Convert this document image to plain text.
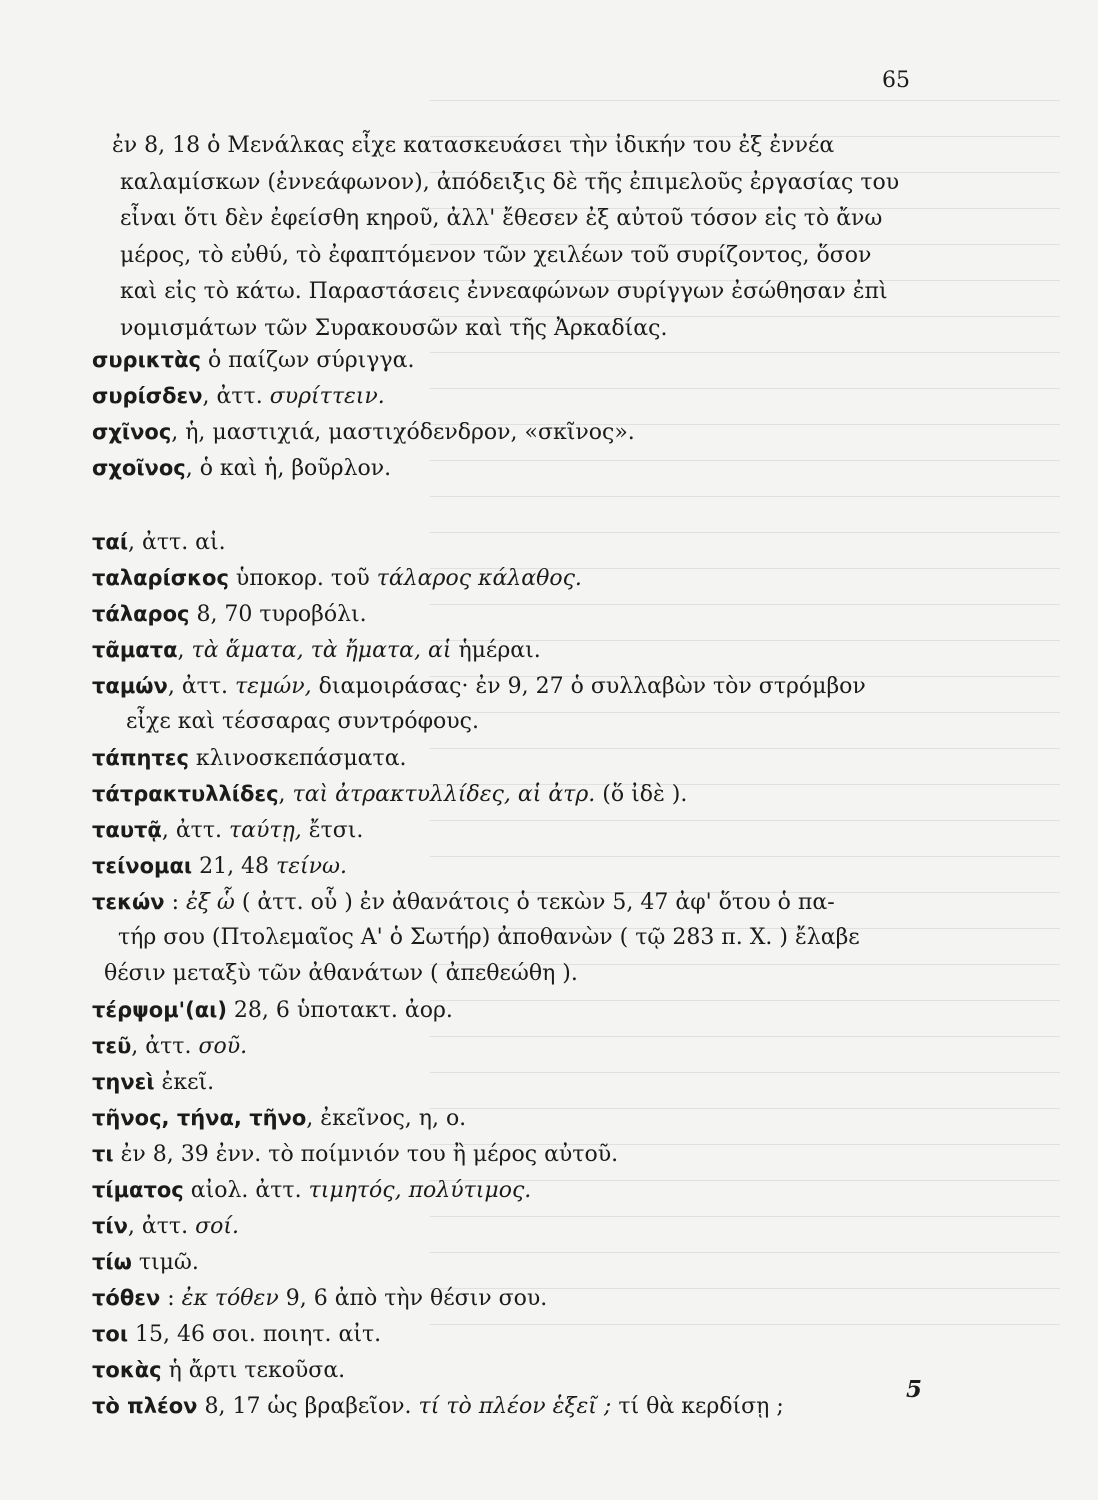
65
ἐν 8, 18 ὁ Μενάλκας εἶχε κατασκευάσει τὴν ἰδικήν του ἐξ ἐννέα
καλαμίσκων (ἐννεάφωνον), ἀπόδειξις δὲ τῆς ἐπιμελοῦς ἐργασίας του
εἶναι ὅτι δὲν ἐφείσθη κηροῦ, ἀλλ' ἔθεσεν ἐξ αὐτοῦ τόσον εἰς τὸ ἄνω
μέρος, τὸ εὐθύ, τὸ ἐφαπτόμενον τῶν χειλέων τοῦ συρίζοντος, ὅσον
καὶ εἰς τὸ κάτω. Παραστάσεις ἐννεαφώνων συρίγγων ἐσώθησαν ἐπὶ
νομισμάτων τῶν Συρακουσῶν καὶ τῆς Ἀρκαδίας.
συρικτὰς ὁ παίζων σύριγγα.
συρίσδεν, ἀττ. συρίττειν.
σχῖνος, ἡ, μαστιχιά, μαστιχόδενδρον, «σκῖνος».
σχοῖνος, ὁ καὶ ἡ, βοῦρλον.
ταί, ἀττ. αἱ.
ταλαρίσκος ὑποκορ. τοῦ τάλαρος κάλαθος.
τάλαρος 8, 70 τυροβόλι.
τᾶματα, τὰ ἅματα, τὰ ἤματα, αἱ ἡμέραι.
ταμών, ἀττ. τεμών, διαμοιράσας· ἐν 9, 27 ὁ συλλαβὼν τὸν στρόμβον
εἶχε καὶ τέσσαρας συντρόφους.
τάπητες κλινοσκεπάσματα.
τάτρακτυλλίδες, ταὶ ἀτρακτυλλίδες, αἱ ἀτρ. (ὅ ἰδὲ ).
ταυτᾷ, ἀττ. ταύτῃ, ἔτσι.
τείνομαι 21, 48 τείνω.
τεκών : ἐξ ὧ ( ἀττ. οὗ ) ἐν ἀθανάτοις ὁ τεκὼν 5, 47 ἀφ' ὅτου ὁ πα-
τήρ σου (Πτολεμαῖος Α' ὁ Σωτήρ) ἀποθανὼν ( τῷ 283 π. Χ. ) ἔλαβε
θέσιν μεταξὺ τῶν ἀθανάτων ( ἀπεθεώθη ).
τέρψομ'(αι) 28, 6 ὑποτακτ. ἀορ.
τεῦ, ἀττ. σοῦ.
τηνεὶ ἐκεῖ.
τῆνος, τήνα, τῆνο, ἐκεῖνος, η, ο.
τι ἐν 8, 39 ἐνν. τὸ ποίμνιόν του ἢ μέρος αὐτοῦ.
τίματος αἰολ. ἀττ. τιμητός, πολύτιμος.
τίν, ἀττ. σοί.
τίω τιμῶ.
τόθεν : ἐκ τόθεν 9, 6 ἀπὸ τὴν θέσιν σου.
τοι 15, 46 σοι. ποιητ. αἰτ.
τοκὰς ἡ ἄρτι τεκοῦσα.
τὸ πλέον 8, 17 ὡς βραβεῖον. τί τὸ πλέον ἑξεῖ ; τί θὰ κερδίσῃ ;
5
